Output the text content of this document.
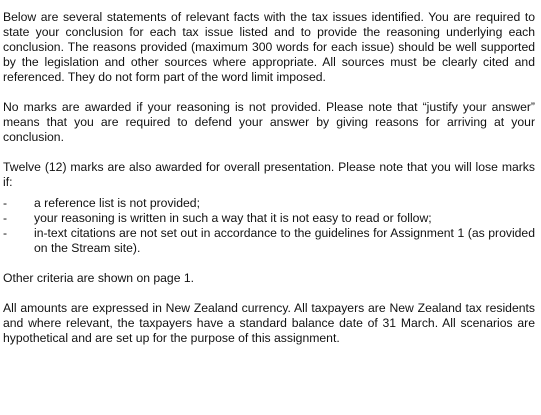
Below are several statements of relevant facts with the tax issues identified. You are required to state your conclusion for each tax issue listed and to provide the reasoning underlying each conclusion. The reasons provided (maximum 300 words for each issue) should be well supported by the legislation and other sources where appropriate. All sources must be clearly cited and referenced. They do not form part of the word limit imposed.

No marks are awarded if your reasoning is not provided. Please note that “justify your answer” means that you are required to defend your answer by giving reasons for arriving at your conclusion.

Twelve (12) marks are also awarded for overall presentation. Please note that you will lose marks if:

-	a reference list is not provided;
-	your reasoning is written in such a way that it is not easy to read or follow;
-	in-text citations are not set out in accordance to the guidelines for Assignment 1 (as provided on the Stream site).

Other criteria are shown on page 1.

All amounts are expressed in New Zealand currency. All taxpayers are New Zealand tax residents and where relevant, the taxpayers have a standard balance date of 31 March. All scenarios are hypothetical and are set up for the purpose of this assignment.
